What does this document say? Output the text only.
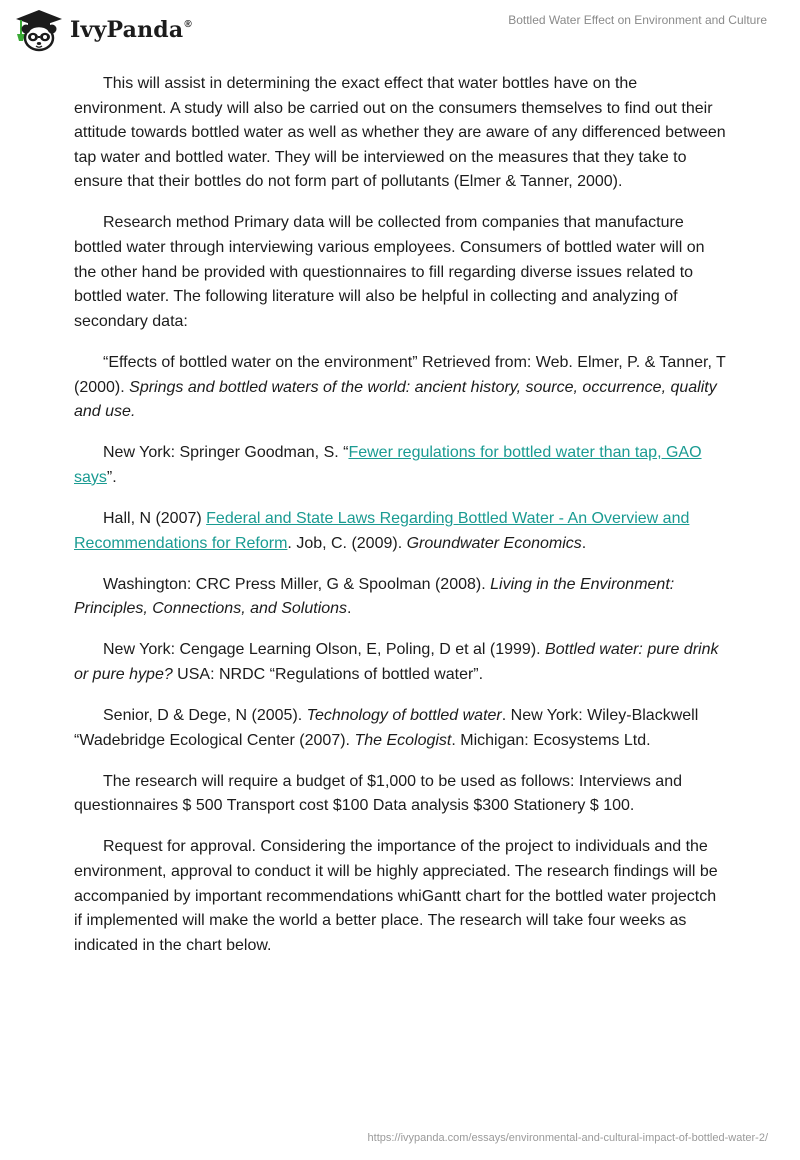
IvyPanda®	Bottled Water Effect on Environment and Culture

This will assist in determining the exact effect that water bottles have on the environment. A study will also be carried out on the consumers themselves to find out their attitude towards bottled water as well as whether they are aware of any differenced between tap water and bottled water. They will be interviewed on the measures that they take to ensure that their bottles do not form part of pollutants (Elmer & Tanner, 2000).

Research method Primary data will be collected from companies that manufacture bottled water through interviewing various employees. Consumers of bottled water will on the other hand be provided with questionnaires to fill regarding diverse issues related to bottled water. The following literature will also be helpful in collecting and analyzing of secondary data:

“Effects of bottled water on the environment” Retrieved from: Web. Elmer, P. & Tanner, T (2000). Springs and bottled waters of the world: ancient history, source, occurrence, quality and use.

New York: Springer Goodman, S. “Fewer regulations for bottled water than tap, GAO says”.

Hall, N (2007) Federal and State Laws Regarding Bottled Water - An Overview and Recommendations for Reform. Job, C. (2009). Groundwater Economics.

Washington: CRC Press Miller, G & Spoolman (2008). Living in the Environment: Principles, Connections, and Solutions.

New York: Cengage Learning Olson, E, Poling, D et al (1999). Bottled water: pure drink or pure hype? USA: NRDC “Regulations of bottled water”.

Senior, D & Dege, N (2005). Technology of bottled water. New York: Wiley-Blackwell “Wadebridge Ecological Center (2007). The Ecologist. Michigan: Ecosystems Ltd.

The research will require a budget of $1,000 to be used as follows: Interviews and questionnaires $ 500 Transport cost $100 Data analysis $300 Stationery $ 100.

Request for approval. Considering the importance of the project to individuals and the environment, approval to conduct it will be highly appreciated. The research findings will be accompanied by important recommendations whiGantt chart for the bottled water projectch if implemented will make the world a better place. The research will take four weeks as indicated in the chart below.

https://ivypanda.com/essays/environmental-and-cultural-impact-of-bottled-water-2/
